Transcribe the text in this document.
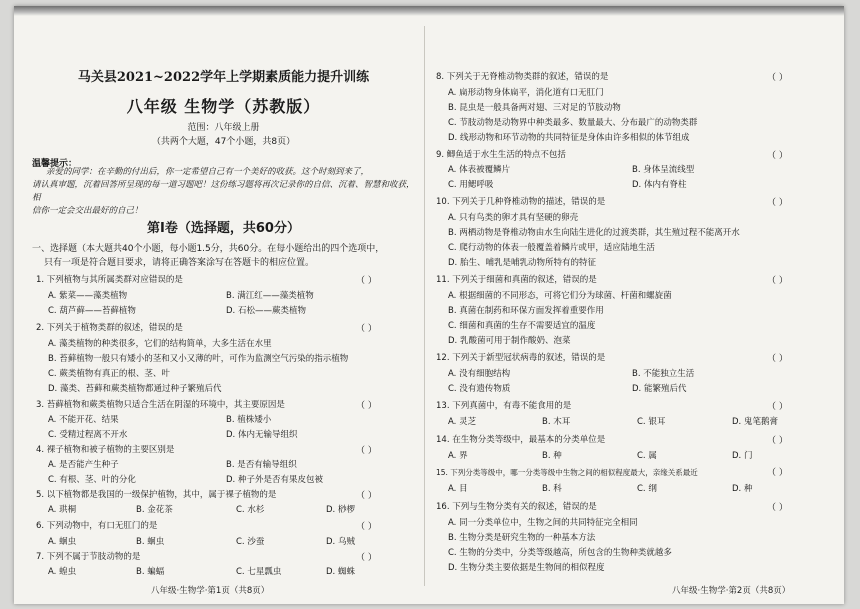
马关县2021~2022学年上学期素质能力提升训练
八年级 生物学（苏教版）
范围：八年级上册
（共两个大题，47个小题，共8页）
温馨提示：
亲爱的同学：在辛勤的付出后，你一定希望自己有一个美好的收获。这个时刻到来了，
请认真审题，沉着回答所呈现的每一道习题吧！这份练习题将再次记录你的自信、沉着、智慧和收获，相
信你一定会交出最好的自己！
第Ⅰ卷（选择题，共60分）
一、选择题（本大题共40个小题，每小题1.5分，共60分。在每小题给出的四个选项中，
只有一项是符合题目要求，请将正确答案涂写在答题卡的相应位置。
1. 下列植物与其所属类群对应错误的是	（ ）
A. 紫菜——藻类植物	B. 满江红——藻类植物
C. 葫芦藓——苔藓植物	D. 石松——蕨类植物
2. 下列关于植物类群的叙述，错误的是	（ ）
A. 藻类植物的种类很多，它们的结构简单，大多生活在水里
B. 苔藓植物一般只有矮小的茎和又小又薄的叶，可作为监测空气污染的指示植物
C. 蕨类植物有真正的根、茎、叶
D. 藻类、苔藓和蕨类植物都通过种子繁殖后代
3. 苔藓植物和蕨类植物只适合生活在阴湿的环境中，其主要原因是	（ ）
A. 不能开花、结果	B. 植株矮小
C. 受精过程离不开水	D. 体内无输导组织
4. 裸子植物和被子植物的主要区别是	（ ）
A. 是否能产生种子	B. 是否有输导组织
C. 有根、茎、叶的分化	D. 种子外是否有果皮包被
5. 以下植物都是我国的一级保护植物，其中，属于裸子植物的是	（ ）
A. 珙桐	B. 金花茶	C. 水杉	D. 桫椤
6. 下列动物中，有口无肛门的是	（ ）
A. 蛔虫	B. 蛔虫	C. 沙蚕	D. 乌贼
7. 下列不属于节肢动物的是	（ ）
A. 蝗虫	B. 蝙蝠	C. 七星瓢虫	D. 蜘蛛
八年级·生物学·第1页（共8页）
8. 下列关于无脊椎动物类群的叙述，错误的是	（ ）
A. 扁形动物身体扁平，消化道有口无肛门
B. 昆虫是一般具备两对翅、三对足的节肢动物
C. 节肢动物是动物界中种类最多、数量最大、分布最广的动物类群
D. 线形动物和环节动物的共同特征是身体由许多相似的体节组成
9. 鲫鱼适于水生生活的特点不包括	（ ）
A. 体表被覆鳞片	B. 身体呈流线型
C. 用鳃呼吸	D. 体内有脊柱
10. 下列关于几种脊椎动物的描述，错误的是	（ ）
A. 只有鸟类的卵才具有坚硬的卵壳
B. 两栖动物是脊椎动物由水生向陆生进化的过渡类群，其生殖过程不能离开水
C. 爬行动物的体表一般覆盖着鳞片或甲，适应陆地生活
D. 胎生、哺乳是哺乳动物所特有的特征
11. 下列关于细菌和真菌的叙述，错误的是	（ ）
A. 根据细菌的不同形态，可将它们分为球菌、杆菌和螺旋菌
B. 真菌在制药和环保方面发挥着重要作用
C. 细菌和真菌的生存不需要适宜的温度
D. 乳酸菌可用于制作酸奶、泡菜
12. 下列关于新型冠状病毒的叙述，错误的是	（ ）
A. 没有细胞结构	B. 不能独立生活
C. 没有遗传物质	D. 能繁殖后代
13. 下列真菌中，有毒不能食用的是	（ ）
A. 灵芝	B. 木耳	C. 银耳	D. 鬼笔鹅膏
14. 在生物分类等级中，最基本的分类单位是	（ ）
A. 界	B. 种	C. 属	D. 门
15. 下列分类等级中，哪一分类等级中生物之间的相似程度最大，亲缘关系最近	（ ）
A. 目	B. 科	C. 纲	D. 种
16. 下列与生物分类有关的叙述，错误的是	（ ）
A. 同一分类单位中，生物之间的共同特征完全相同
B. 生物分类是研究生物的一种基本方法
C. 生物的分类中，分类等级越高，所包含的生物种类就越多
D. 生物分类主要依据是生物间的相似程度
八年级·生物学·第2页（共8页）
